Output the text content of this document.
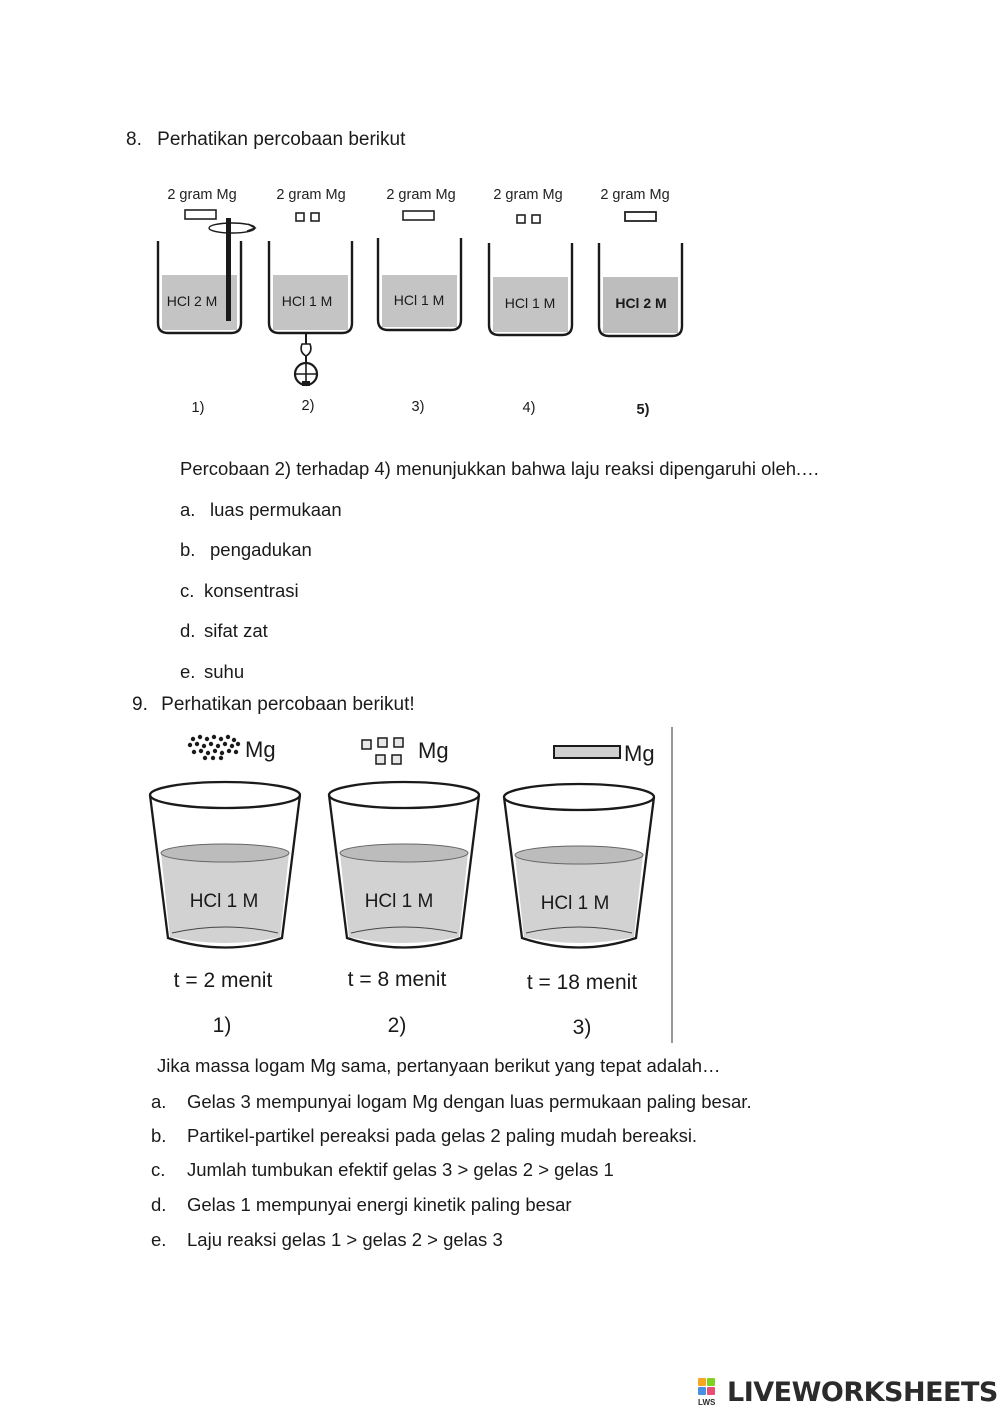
8. Perhatikan percobaan berikut
2 gram Mg
HCl 2 M
1)
2 gram Mg
HCl 1 M
2)
2 gram Mg
HCl 1 M
3)
2 gram Mg
HCl 1 M
4)
2 gram Mg
HCl 2 M
5)
Percobaan 2) terhadap 4) menunjukkan bahwa laju reaksi dipengaruhi oleh.…
a. luas permukaan
b. pengadukan
c. konsentrasi
d. sifat zat
e. suhu
9. Perhatikan percobaan berikut!
Mg
HCl 1 M
t = 2 menit
1)
Mg
HCl 1 M
t = 8 menit
2)
Mg
HCl 1 M
t = 18 menit
3)
Jika massa logam Mg sama, pertanyaan berikut yang tepat adalah…
a. Gelas 3 mempunyai logam Mg dengan luas permukaan paling besar.
b. Partikel-partikel pereaksi pada gelas 2 paling mudah bereaksi.
c. Jumlah tumbukan efektif gelas 3 > gelas 2 > gelas 1
d. Gelas 1 mempunyai energi kinetik paling besar
e. Laju reaksi gelas 1 > gelas 2 > gelas 3
LWS LIVEWORKSHEETS
